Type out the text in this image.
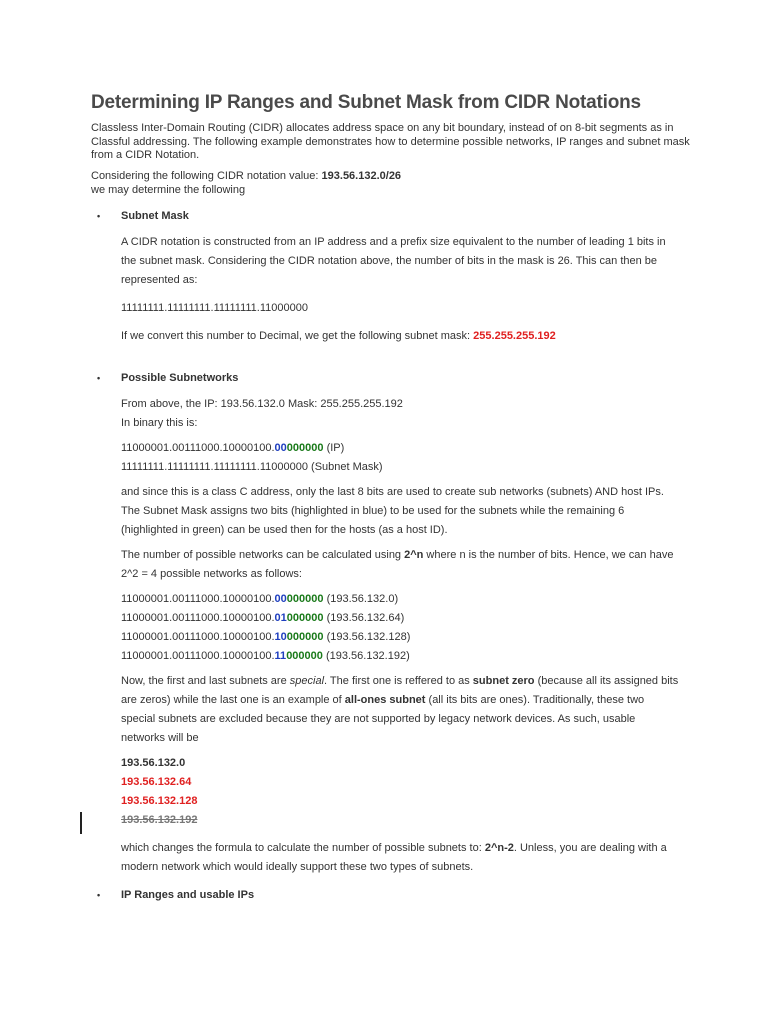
Determining IP Ranges and Subnet Mask from CIDR Notations

Classless Inter-Domain Routing (CIDR) allocates address space on any bit boundary, instead of on 8-bit segments as in Classful addressing. The following example demonstrates how to determine possible networks, IP ranges and subnet mask from a CIDR Notation.

Considering the following CIDR notation value: 193.56.132.0/26

we may determine the following

• Subnet Mask

A CIDR notation is constructed from an IP address and a prefix size equivalent to the number of leading 1 bits in the subnet mask. Considering the CIDR notation above, the number of bits in the mask is 26. This can then be represented as:

11111111.11111111.11111111.11000000

If we convert this number to Decimal, we get the following subnet mask: 255.255.255.192

• Possible Subnetworks

From above, the IP: 193.56.132.0 Mask: 255.255.255.192

In binary this is:

11000001.00111000.10000100.00000000 (IP)

11111111.11111111.11111111.11000000 (Subnet Mask)

and since this is a class C address, only the last 8 bits are used to create sub networks (subnets) AND host IPs. The Subnet Mask assigns two bits (highlighted in blue) to be used for the subnets while the remaining 6 (highlighted in green) can be used then for the hosts (as a host ID).

The number of possible networks can be calculated using 2^n where n is the number of bits. Hence, we can have 2^2 = 4 possible networks as follows:

11000001.00111000.10000100.00000000 (193.56.132.0)

11000001.00111000.10000100.01000000 (193.56.132.64)

11000001.00111000.10000100.10000000 (193.56.132.128)

11000001.00111000.10000100.11000000 (193.56.132.192)

Now, the first and last subnets are special. The first one is reffered to as subnet zero (because all its assigned bits are zeros) while the last one is an example of all-ones subnet (all its bits are ones). Traditionally, these two special subnets are excluded because they are not supported by legacy network devices. As such, usable networks will be

193.56.132.0

193.56.132.64

193.56.132.128

193.56.132.192

which changes the formula to calculate the number of possible subnets to: 2^n-2. Unless, you are dealing with a modern network which would ideally support these two types of subnets.

• IP Ranges and usable IPs
